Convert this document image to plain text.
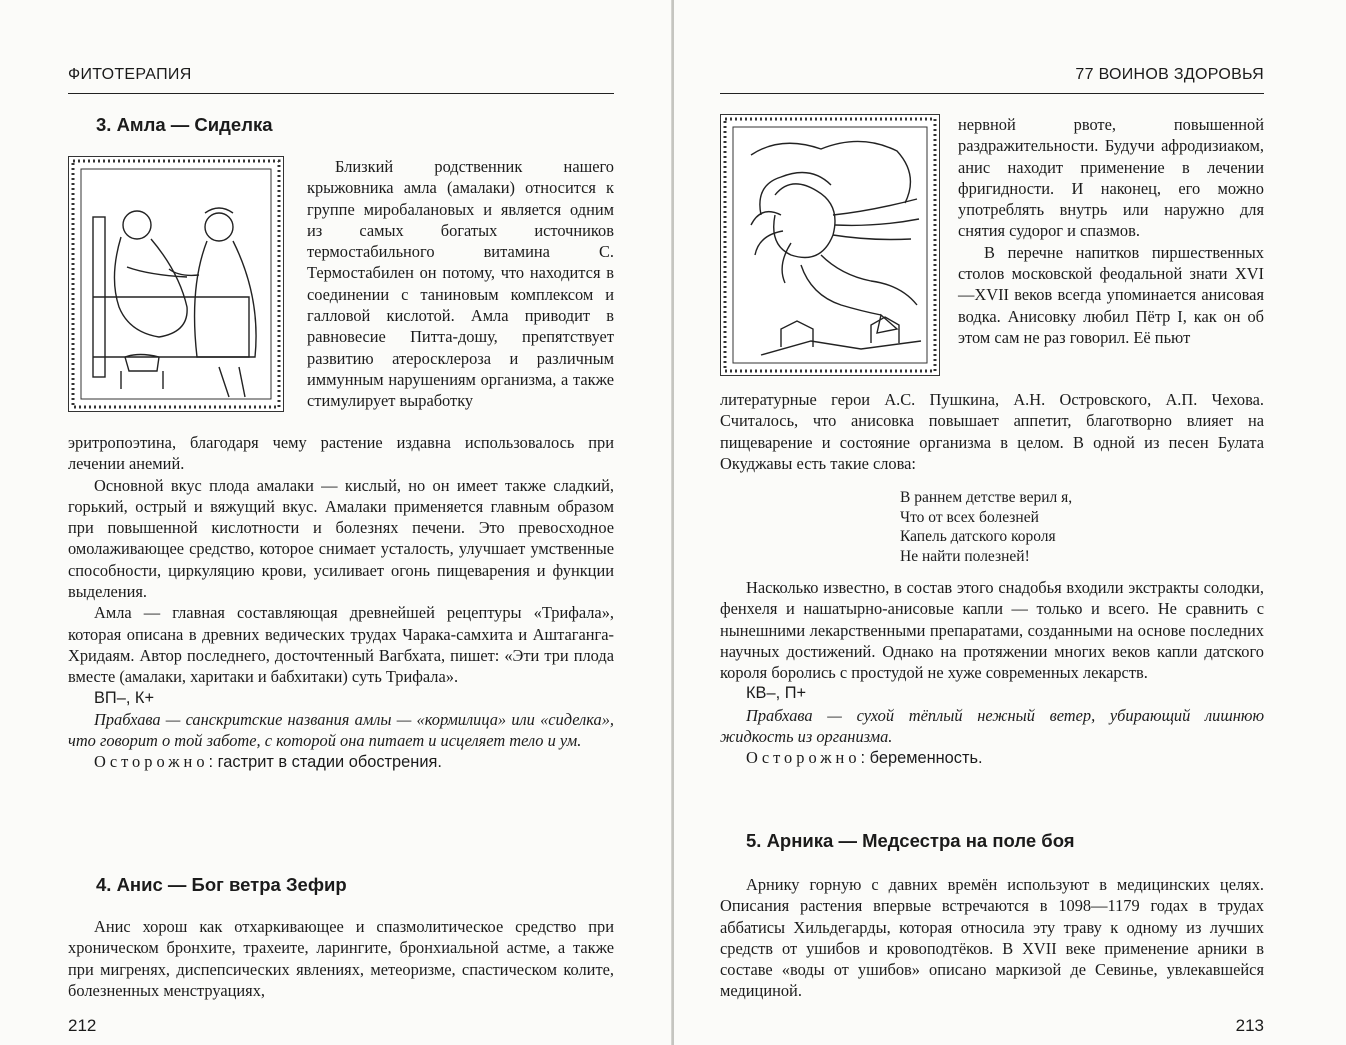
ФИТОТЕРАПИЯ
3. Амла — Сиделка

Близкий родственник нашего крыжовника амла (амалаки) относится к группе миробалановых и является одним из самых богатых источников термостабильного витамина С. Термостабилен он потому, что находится в соединении с таниновым комплексом и галловой кислотой. Амла приводит в равновесие Питта-дошу, препятствует развитию атеросклероза и различным иммунным нарушениям организма, а также стимулирует выработку

эритропоэтина, благодаря чему растение издавна использовалось при лечении анемий.

Основной вкус плода амалаки — кислый, но он имеет также сладкий, горький, острый и вяжущий вкус. Амалаки применяется главным образом при повышенной кислотности и болезнях печени. Это превосходное омолаживающее средство, которое снимает усталость, улучшает умственные способности, циркуляцию крови, усиливает огонь пищеварения и функции выделения.

Амла — главная составляющая древнейшей рецептуры «Трифала», которая описана в древних ведических трудах Чарака-самхита и Аштаганга-Хридаям. Автор последнего, досточтенный Вагбхата, пишет: «Эти три плода вместе (амалаки, харитаки и бабхитаки) суть Трифала».

ВП–, К+

Прабхава — санскритские названия амлы — «кормилица» или «сиделка», что говорит о той заботе, с которой она питает и исцеляет тело и ум.

Осторожно: гастрит в стадии обострения.

4. Анис — Бог ветра Зефир

Анис хорош как отхаркивающее и спазмолитическое средство при хроническом бронхите, трахеите, ларингите, бронхиальной астме, а также при мигренях, диспепсических явлениях, метеоризме, спастическом колите, болезненных менструациях,

212
77 ВОИНОВ ЗДОРОВЬЯ

нервной рвоте, повышенной раздражительности. Будучи афродизиаком, анис находит применение в лечении фригидности. И наконец, его можно употреблять внутрь или наружно для снятия судорог и спазмов.

В перечне напитков пиршественных столов московской феодальной знати XVI—XVII веков всегда упоминается анисовая водка. Анисовку любил Пётр I, как он об этом сам не раз говорил. Её пьют

литературные герои А.С. Пушкина, А.Н. Островского, А.П. Чехова. Считалось, что анисовка повышает аппетит, благотворно влияет на пищеварение и состояние организма в целом. В одной из песен Булата Окуджавы есть такие слова:

В раннем детстве верил я,
Что от всех болезней
Капель датского короля
Не найти полезней!

Насколько известно, в состав этого снадобья входили экстракты солодки, фенхеля и нашатырно-анисовые капли — только и всего. Не сравнить с нынешними лекарственными препаратами, созданными на основе последних научных достижений. Однако на протяжении многих веков капли датского короля боролись с простудой не хуже современных лекарств.

КВ–, П+

Прабхава — сухой тёплый нежный ветер, убирающий лишнюю жидкость из организма.

Осторожно: беременность.

5. Арника — Медсестра на поле боя

Арнику горную с давних времён используют в медицинских целях. Описания растения впервые встречаются в 1098—1179 годах в трудах аббатисы Хильдегарды, которая относила эту траву к одному из лучших средств от ушибов и кровоподтёков. В XVII веке применение арники в составе «воды от ушибов» описано маркизой де Севинье, увлекавшейся медициной.

213
